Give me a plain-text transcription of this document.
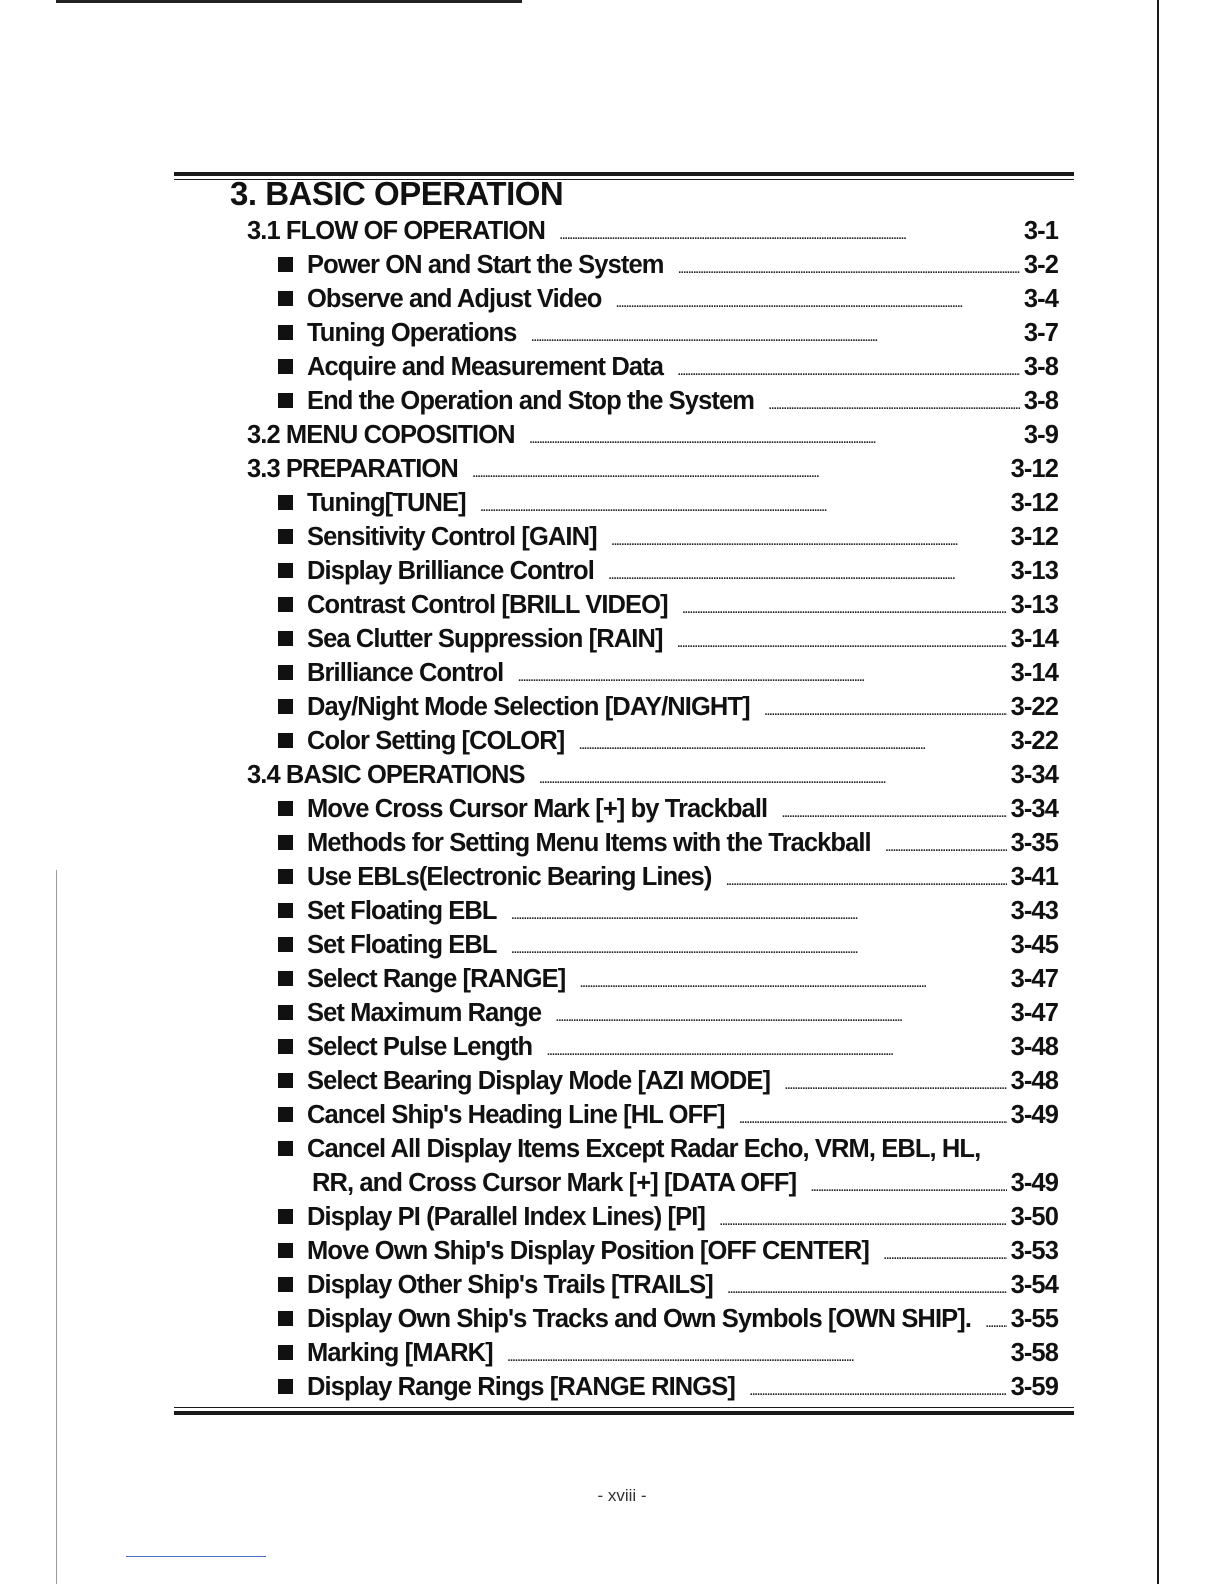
3. BASIC OPERATION
3.1 FLOW OF OPERATION . . .	3-1
Power ON and Start the System . . .	3-2
Observe and Adjust Video . . .	3-4
Tuning Operations . . .	3-7
Acquire and Measurement Data . . .	3-8
End the Operation and Stop the System . . .	3-8
3.2 MENU COPOSITION . . .	3-9
3.3 PREPARATION . . .	3-12
Tuning[TUNE] . . .	3-12
Sensitivity Control [GAIN] . . .	3-12
Display Brilliance Control . . .	3-13
Contrast Control [BRILL VIDEO] . . .	3-13
Sea Clutter Suppression [RAIN] . . .	3-14
Brilliance Control . . .	3-14
Day/Night Mode Selection [DAY/NIGHT] . . .	3-22
Color Setting [COLOR] . . .	3-22
3.4 BASIC OPERATIONS . . .	3-34
Move Cross Cursor Mark [+] by Trackball . . .	3-34
Methods for Setting Menu Items with the Trackball . . .	3-35
Use EBLs(Electronic Bearing Lines) . . .	3-41
Set Floating EBL . . .	3-43
Set Floating EBL . . .	3-45
Select Range [RANGE] . . .	3-47
Set Maximum Range . . .	3-47
Select Pulse Length . . .	3-48
Select Bearing Display Mode [AZI MODE] . . .	3-48
Cancel Ship's Heading Line [HL OFF] . . .	3-49
Cancel All Display Items Except Radar Echo, VRM, EBL, HL,
RR, and Cross Cursor Mark [+] [DATA OFF] . . .	3-49
Display PI (Parallel Index Lines) [PI] . . .	3-50
Move Own Ship's Display Position [OFF CENTER] . . .	3-53
Display Other Ship's Trails [TRAILS] . . .	3-54
Display Own Ship's Tracks and Own Symbols [OWN SHIP]. . . . 3-55
Marking [MARK] . . .	3-58
Display Range Rings [RANGE RINGS] . . .	3-59
- xviii -
